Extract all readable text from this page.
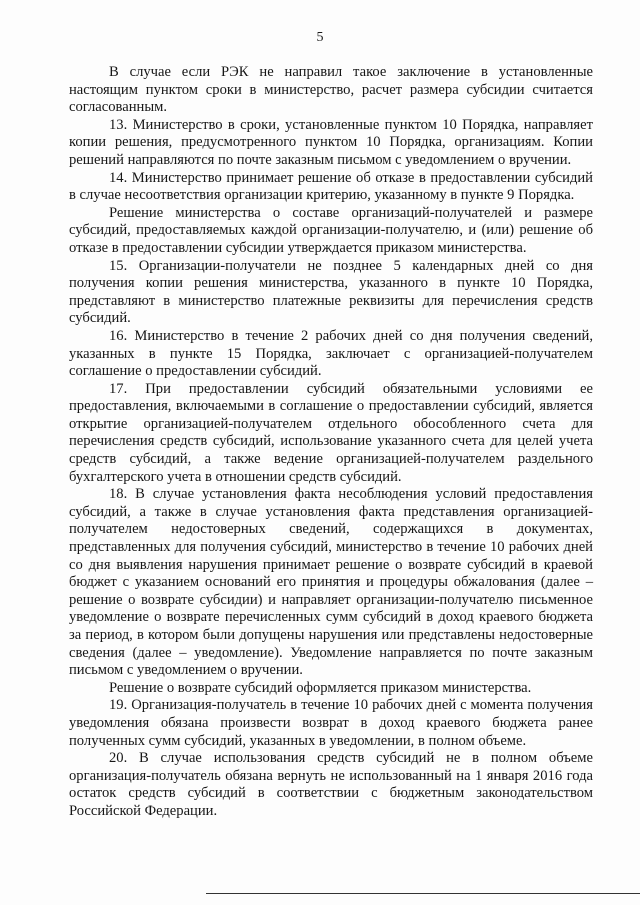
5

В случае если РЭК не направил такое заключение в установленные настоящим пунктом сроки в министерство, расчет размера субсидии считается согласованным.

13. Министерство в сроки, установленные пунктом 10 Порядка, направляет копии решения, предусмотренного пунктом 10 Порядка, организациям. Копии решений направляются по почте заказным письмом с уведомлением о вручении.

14. Министерство принимает решение об отказе в предоставлении субсидий в случае несоответствия организации критерию, указанному в пункте 9 Порядка.

Решение министерства о составе организаций-получателей и размере субсидий, предоставляемых каждой организации-получателю, и (или) решение об отказе в предоставлении субсидии утверждается приказом министерства.

15. Организации-получатели не позднее 5 календарных дней со дня получения копии решения министерства, указанного в пункте 10 Порядка, представляют в министерство платежные реквизиты для перечисления средств субсидий.

16. Министерство в течение 2 рабочих дней со дня получения сведений, указанных в пункте 15 Порядка, заключает с организацией-получателем соглашение о предоставлении субсидий.

17. При предоставлении субсидий обязательными условиями ее предоставления, включаемыми в соглашение о предоставлении субсидий, является открытие организацией-получателем отдельного обособленного счета для перечисления средств субсидий, использование указанного счета для целей учета средств субсидий, а также ведение организацией-получателем раздельного бухгалтерского учета в отношении средств субсидий.

18. В случае установления факта несоблюдения условий предоставления субсидий, а также в случае установления факта представления организацией-получателем недостоверных сведений, содержащихся в документах, представленных для получения субсидий, министерство в течение 10 рабочих дней со дня выявления нарушения принимает решение о возврате субсидий в краевой бюджет с указанием оснований его принятия и процедуры обжалования (далее – решение о возврате субсидии) и направляет организации-получателю письменное уведомление о возврате перечисленных сумм субсидий в доход краевого бюджета за период, в котором были допущены нарушения или представлены недостоверные сведения (далее – уведомление). Уведомление направляется по почте заказным письмом с уведомлением о вручении.

Решение о возврате субсидий оформляется приказом министерства.

19. Организация-получатель в течение 10 рабочих дней с момента получения уведомления обязана произвести возврат в доход краевого бюджета ранее полученных сумм субсидий, указанных в уведомлении, в полном объеме.

20. В случае использования средств субсидий не в полном объеме организация-получатель обязана вернуть не использованный на 1 января 2016 года остаток средств субсидий в соответствии с бюджетным законодательством Российской Федерации.
